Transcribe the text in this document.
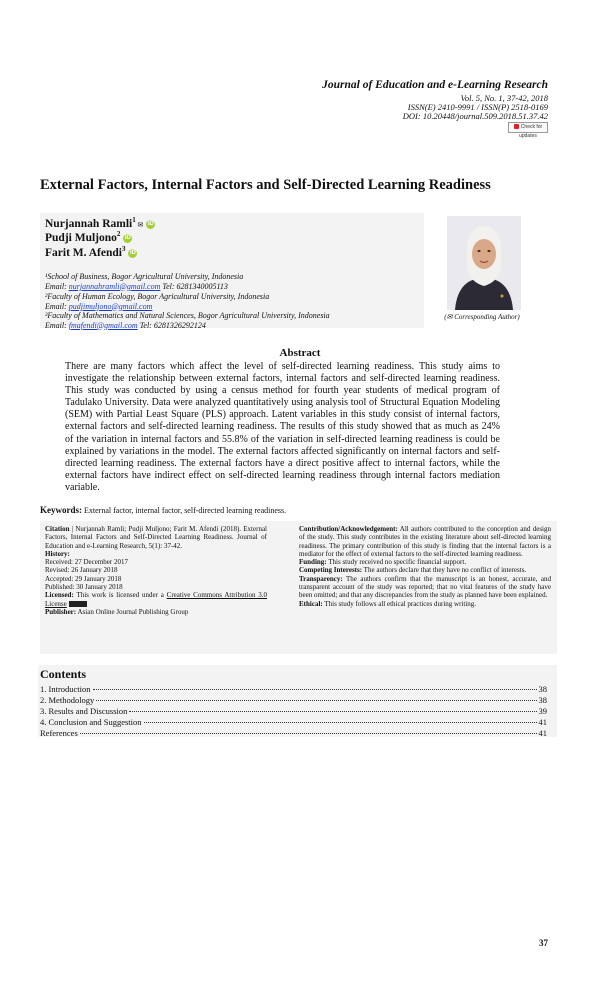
Journal of Education and e-Learning Research
Vol. 5, No. 1, 37-42, 2018
ISSN(E) 2410-9991 / ISSN(P) 2518-0169
DOI: 10.20448/journal.509.2018.51.37.42
Check for updates
External Factors, Internal Factors and Self-Directed Learning Readiness
Nurjannah Ramli$^1$ ✉ iD
Pudji Muljono$^2$ iD
Farit M. Afendi$^3$ iD
¹School of Business, Bogor Agricultural University, Indonesia
Email: nurjannahramli@gmail.com Tel: 6281340005113
²Faculty of Human Ecology, Bogor Agricultural University, Indonesia
Email: pudjimuljono@gmail.com
³Faculty of Mathematics and Natural Sciences, Bogor Agricultural University, Indonesia
Email: fmafendi@gmail.com Tel: 6281326292124
(✉ Corresponding Author)
Abstract
There are many factors which affect the level of self-directed learning readiness. This study aims to investigate the relationship between external factors, internal factors and self-directed learning readiness. This study was conducted by using a census method for fourth year students of medical program of Tadulako University. Data were analyzed quantitatively using analysis tool of Structural Equation Modeling (SEM) with Partial Least Square (PLS) approach. Latent variables in this study consist of internal factors, external factors and self-directed learning readiness. The results of this study showed that as much as 24% of the variation in internal factors and 55.8% of the variation in self-directed learning readiness is could be explained by variations in the model. The external factors affected significantly on internal factors and self-directed learning readiness. The external factors have a direct positive affect to internal factors, while the external factors have indirect effect on self-directed learning readiness through internal factors mediation variable.
Keywords: External factor, internal factor, self-directed learning readiness.
Citation | Nurjannah Ramli; Pudji Muljono; Farit M. Afendi (2018). External Factors, Internal Factors and Self-Directed Learning Readiness. Journal of Education and e-Learning Research, 5(1): 37-42.
History:
Received: 27 December 2017
Revised: 26 January 2018
Accepted: 29 January 2018
Published: 30 January 2018
Licensed: This work is licensed under a Creative Commons Attribution 3.0 License
Publisher: Asian Online Journal Publishing Group
Contribution/Acknowledgement: All authors contributed to the conception and design of the study. This study contributes in the existing literature about self-directed learning readiness. The primary contribution of this study is finding that the internal factors is a mediator for the effect of external factors to the self-directed learning readiness.
Funding: This study received no specific financial support.
Competing Interests: The authors declare that they have no conflict of interests.
Transparency: The authors confirm that the manuscript is an honest, accurate, and transparent account of the study was reported; that no vital features of the study have been omitted; and that any discrepancies from the study as planned have been explained.
Ethical: This study follows all ethical practices during writing.
Contents
1. Introduction	38
2. Methodology	38
3. Results and Discussion	39
4. Conclusion and Suggestion	41
References	41
37
